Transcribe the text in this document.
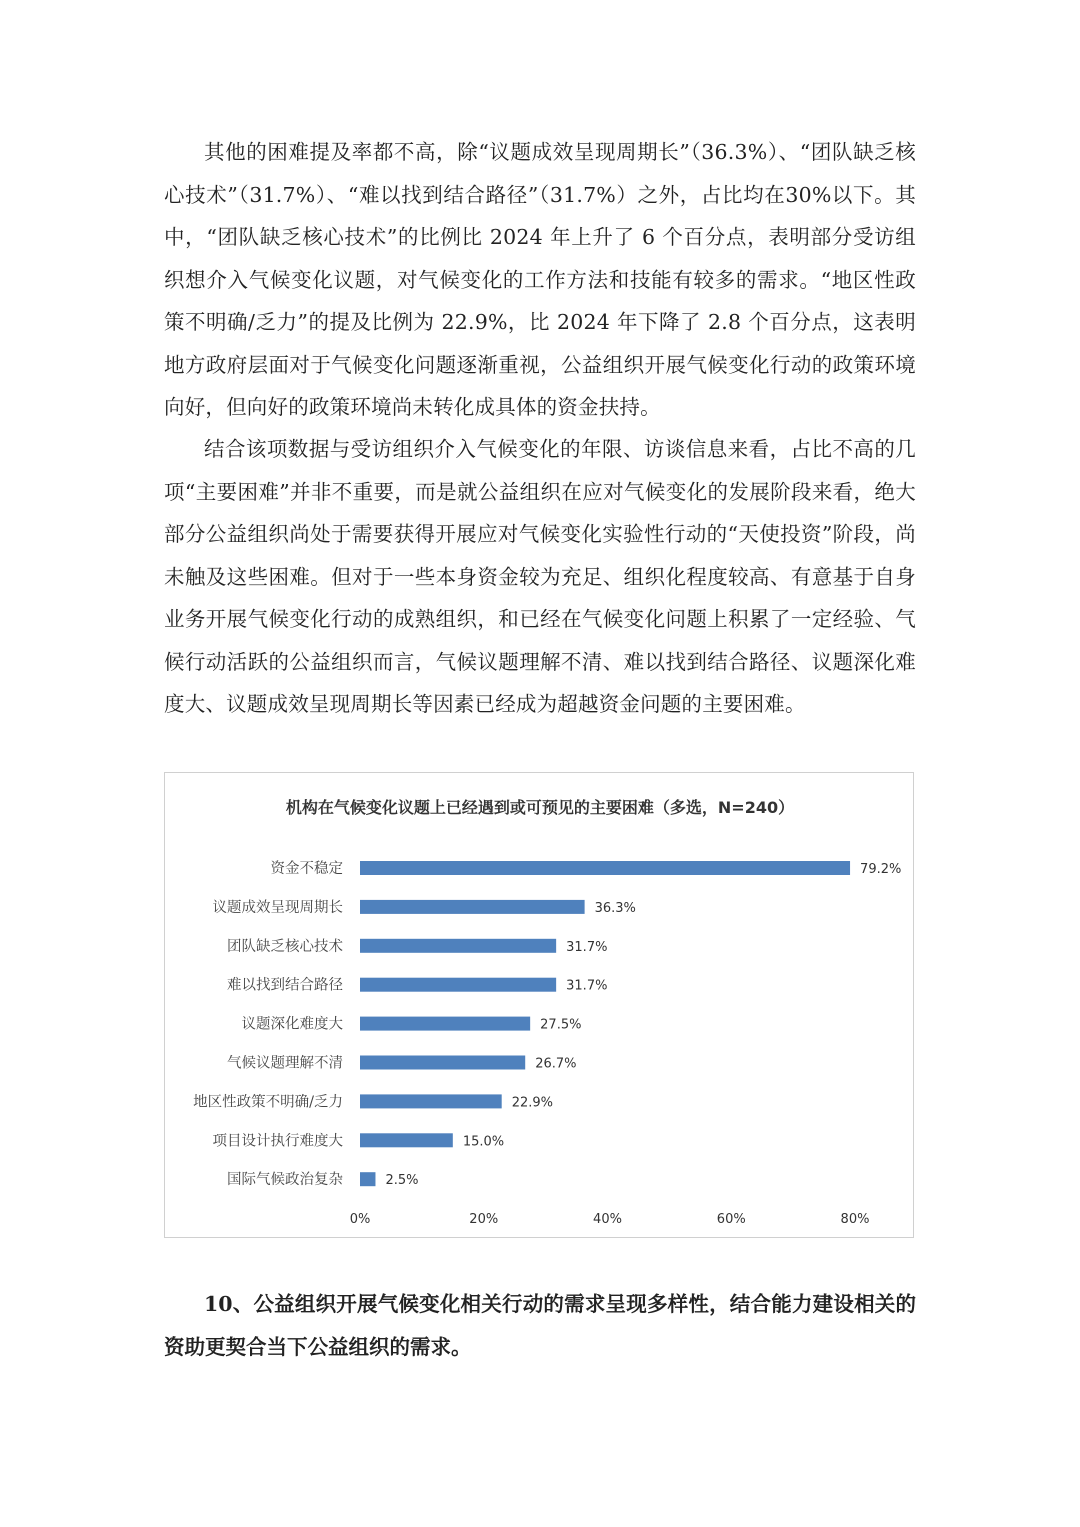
其他的困难提及率都不高，除“议题成效呈现周期长”（36.3%）、“团队缺乏核心技术”（31.7%）、“难以找到结合路径”（31.7%）之外，占比均在30%以下。其中，“团队缺乏核心技术”的比例比 2024 年上升了 6 个百分点，表明部分受访组织想介入气候变化议题，对气候变化的工作方法和技能有较多的需求。“地区性政策不明确/乏力”的提及比例为 22.9%，比 2024 年下降了 2.8 个百分点，这表明地方政府层面对于气候变化问题逐渐重视，公益组织开展气候变化行动的政策环境向好，但向好的政策环境尚未转化成具体的资金扶持。

结合该项数据与受访组织介入气候变化的年限、访谈信息来看，占比不高的几项“主要困难”并非不重要，而是就公益组织在应对气候变化的发展阶段来看，绝大部分公益组织尚处于需要获得开展应对气候变化实验性行动的“天使投资”阶段，尚未触及这些困难。但对于一些本身资金较为充足、组织化程度较高、有意基于自身业务开展气候变化行动的成熟组织，和已经在气候变化问题上积累了一定经验、气候行动活跃的公益组织而言，气候议题理解不清、难以找到结合路径、议题深化难度大、议题成效呈现周期长等因素已经成为超越资金问题的主要困难。

机构在气候变化议题上已经遇到或可预见的主要困难（多选，N=240）
资金不稳定	79.2%
议题成效呈现周期长	36.3%
团队缺乏核心技术	31.7%
难以找到结合路径	31.7%
议题深化难度大	27.5%
气候议题理解不清	26.7%
地区性政策不明确/乏力	22.9%
项目设计执行难度大	15.0%
国际气候政治复杂	2.5%
0%	20%	40%	60%	80%

10、公益组织开展气候变化相关行动的需求呈现多样性，结合能力建设相关的资助更契合当下公益组织的需求。
